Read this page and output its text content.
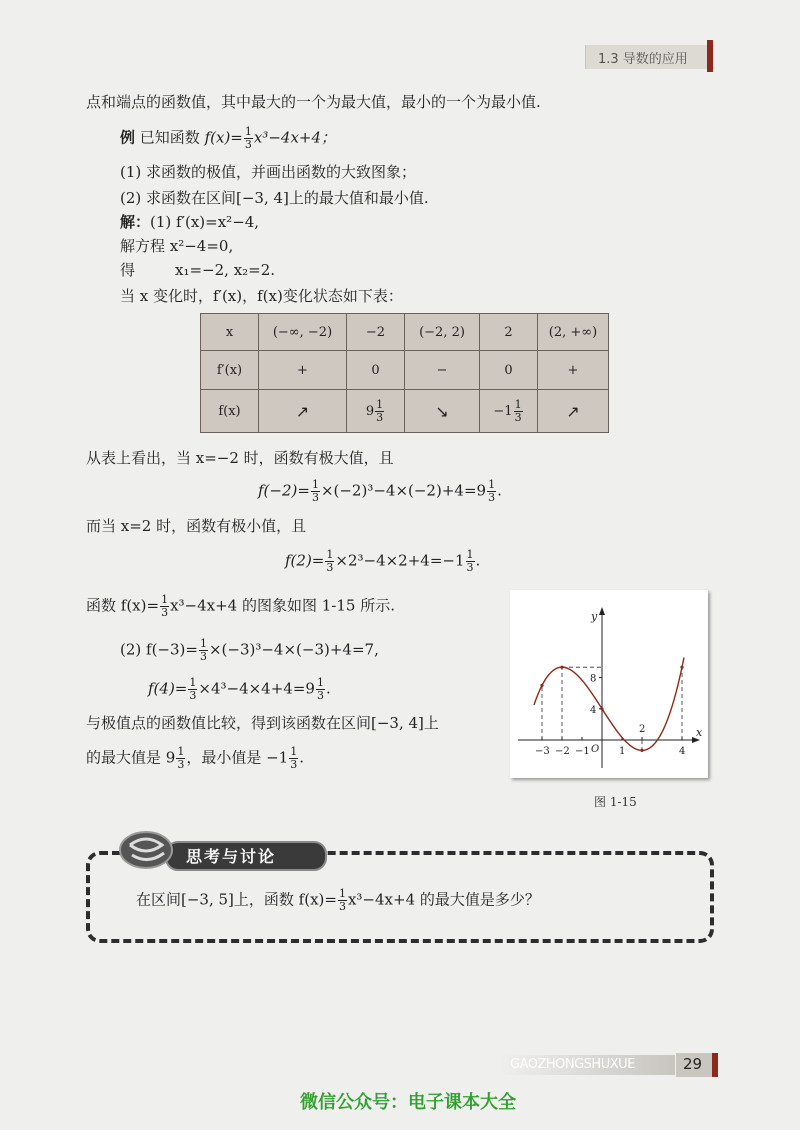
1.3 导数的应用
点和端点的函数值，其中最大的一个为最大值，最小的一个为最小值.
例 已知函数 $f(x)= \frac{1}{3} x^3-4x+4$；
(1) 求函数的极值，并画出函数的大致图象；
(2) 求函数在区间[−3, 4]上的最大值和最小值.
解：(1) f′(x)=x²−4,
解方程 x²−4=0,
得	x₁=−2, x₂=2.
当 x 变化时，f′(x)，f(x)变化状态如下表：
x	(−∞, −2)	−2	(−2, 2)	2	(2, +∞)
f′(x)	+	0	−	0	+
f(x)	↗	$9 \frac{1}{3}$	↘	$-1 \frac{1}{3}$	↗
从表上看出，当 x=−2 时，函数有极大值，且
$f(-2)= \frac{1}{3} \times(-2)^3-4\times(-2)+4=9 \frac{1}{3}$ .
而当 x=2 时，函数有极小值，且
$f(2)= \frac{1}{3} \times 2^3-4\times 2+4=-1 \frac{1}{3}$ .
函数 $f(x)= \frac{1}{3} x^3-4x+4$ 的图象如图 1-15 所示.
(2) $f(-3)= \frac{1}{3} \times(-3)^3-4\times(-3)+4=7$,
$f(4)= \frac{1}{3} \times 4^3-4\times 4+4=9 \frac{1}{3}$ .
与极值点的函数值比较，得到该函数在区间[−3, 4]上
的最大值是 $9 \frac{1}{3}$ ，最小值是 $-1 \frac{1}{3}$ .
x
y
O
8
4
−3 −2 −1	1
2
4
图 1-15
思考与讨论
在区间[−3, 5]上，函数 $f(x)= \frac{1}{3} x^3-4x+4$ 的最大值是多少？
GAOZHONGSHUXUE	29
微信公众号：电子课本大全
